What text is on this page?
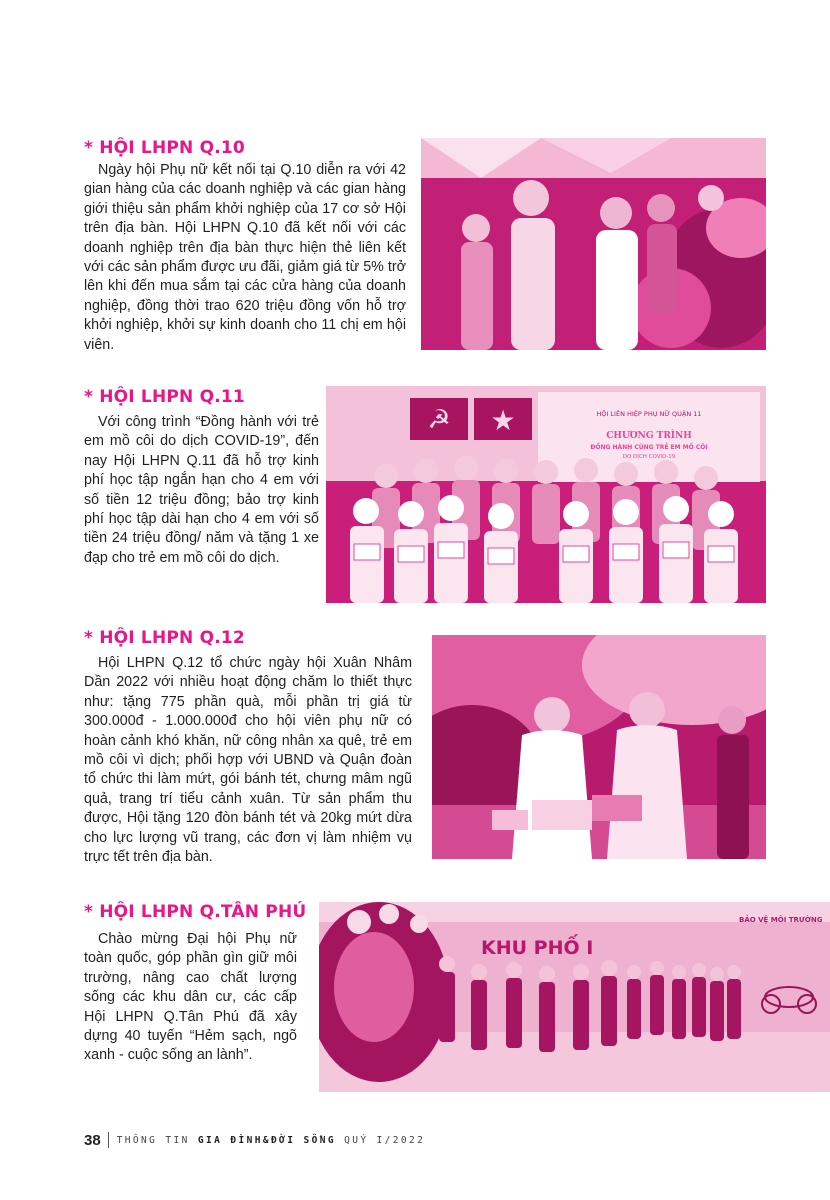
* HỘI LHPN Q.10
Ngày hội Phụ nữ kết nối tại Q.10 diễn ra với 42 gian hàng của các doanh nghiệp và các gian hàng giới thiệu sản phẩm khởi nghiệp của 17 cơ sở Hội trên địa bàn. Hội LHPN Q.10 đã kết nối với các doanh nghiệp trên địa bàn thực hiện thẻ liên kết với các sản phẩm được ưu đãi, giảm giá từ 5% trở lên khi đến mua sắm tại các cửa hàng của doanh nghiệp, đồng thời trao 620 triệu đồng vốn hỗ trợ khởi nghiệp, khởi sự kinh doanh cho 11 chị em hội viên.
* HỘI LHPN Q.11
Với công trình “Đồng hành với trẻ em mồ côi do dịch COVID-19”, đến nay Hội LHPN Q.11 đã hỗ trợ kinh phí học tập ngắn hạn cho 4 em với số tiền 12 triệu đồng; bảo trợ kinh phí học tập dài hạn cho 4 em với số tiền 24 triệu đồng/ năm và tặng 1 xe đạp cho trẻ em mồ côi do dịch.
☭ ★	HỘI LIÊN HIỆP PHỤ NỮ QUẬN 11
CHƯƠNG TRÌNH
ĐỒNG HÀNH CÙNG TRẺ EM MỒ CÔI
DO DỊCH COVID-19
* HỘI LHPN Q.12
Hội LHPN Q.12 tổ chức ngày hội Xuân Nhâm Dần 2022 với nhiều hoạt động chăm lo thiết thực như: tặng 775 phần quà, mỗi phần trị giá từ 300.000đ - 1.000.000đ cho hội viên phụ nữ có hoàn cảnh khó khăn, nữ công nhân xa quê, trẻ em mồ côi vì dịch; phối hợp với UBND và Quận đoàn tổ chức thi làm mứt, gói bánh tét, chưng mâm ngũ quả, trang trí tiểu cảnh xuân. Từ sản phẩm thu được, Hội tặng 120 đòn bánh tét và 20kg mứt dừa cho lực lượng vũ trang, các đơn vị làm nhiệm vụ trực tết trên địa bàn.
* HỘI LHPN Q.TÂN PHÚ
Chào mừng Đại hội Phụ nữ toàn quốc, góp phần gìn giữ môi trường, nâng cao chất lượng sống các khu dân cư, các cấp Hội LHPN Q.Tân Phú đã xây dựng 40 tuyến “Hẻm sạch, ngõ xanh - cuộc sống an lành”.
KHU PHỐ I
BẢO VỆ MÔI TRƯỜNG
38 THÔNG TIN GIA ĐÌNH&ĐỜI SỐNG QUÝ I/2022
